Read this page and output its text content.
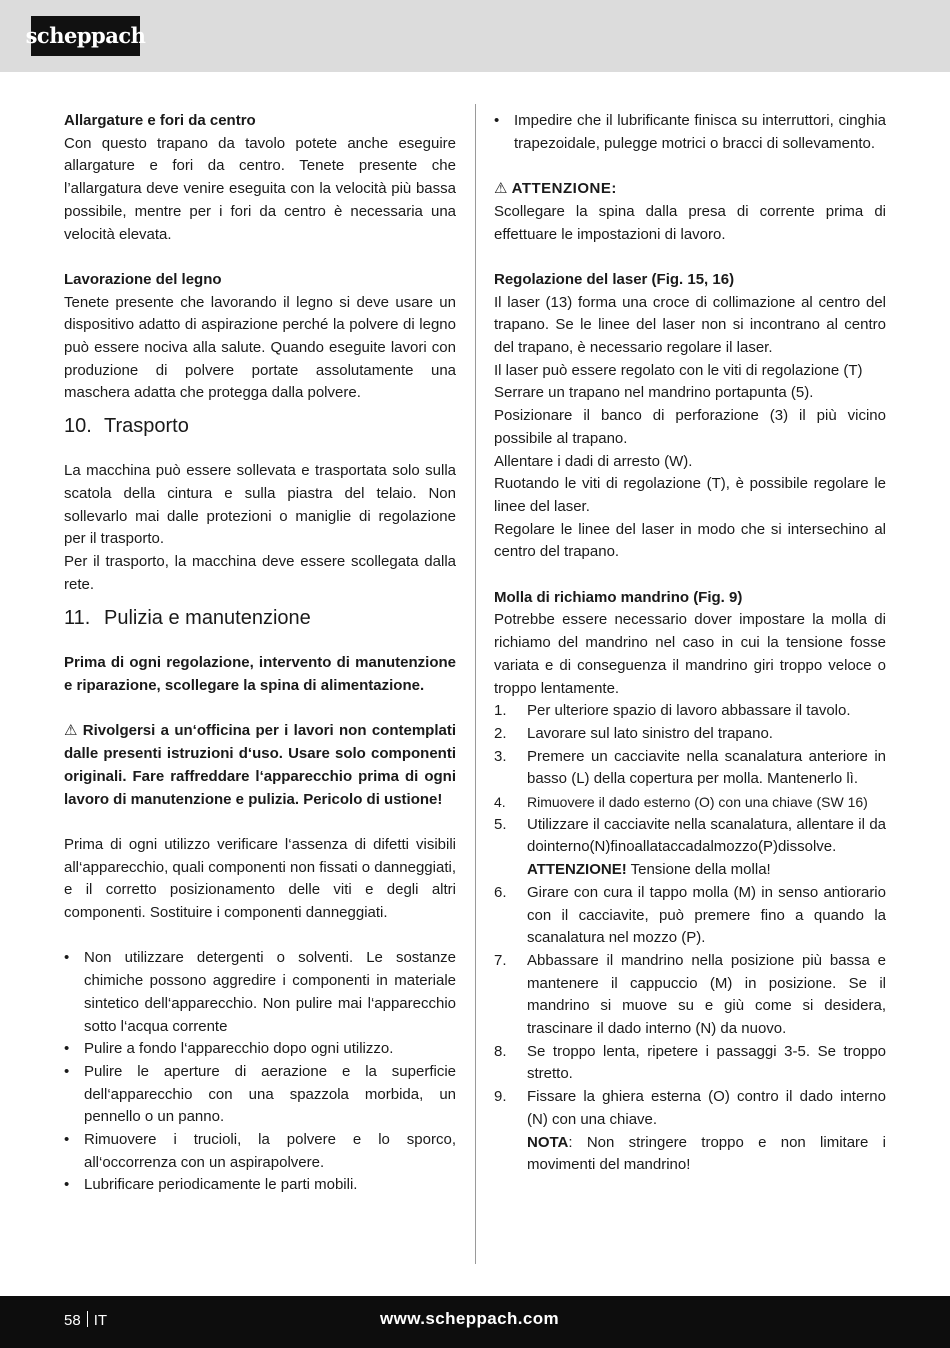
scheppach

Allargature e fori da centro

Con questo trapano da tavolo potete anche eseguire allargature e fori da centro. Tenete presente che l’allargatura deve venire eseguita con la velocità più bassa possibile, mentre per i fori da centro è necessaria una velocità elevata.

Lavorazione del legno

Tenete presente che lavorando il legno si deve usare un dispositivo adatto di aspirazione perché la polvere di legno può essere nociva alla salute. Quando eseguite lavori con produzione di polvere portate assolutamente una maschera adatta che protegga dalla polvere.

10. Trasporto

La macchina può essere sollevata e trasportata solo sulla scatola della cintura e sulla piastra del telaio. Non sollevarlo mai dalle protezioni o maniglie di regolazione per il trasporto.

Per il trasporto, la macchina deve essere scollegata dalla rete.

11. Pulizia e manutenzione

Prima di ogni regolazione, intervento di manutenzione e riparazione, scollegare la spina di alimentazione.

⚠ Rivolgersi a un‘officina per i lavori non contemplati dalle presenti istruzioni d‘uso. Usare solo componenti originali. Fare raffreddare l‘apparecchio prima di ogni lavoro di manutenzione e pulizia. Pericolo di ustione!

Prima di ogni utilizzo verificare l‘assenza di difetti visibili all‘apparecchio, quali componenti non fissati o danneggiati, e il corretto posizionamento delle viti e degli altri componenti. Sostituire i componenti danneggiati.

• Non utilizzare detergenti o solventi. Le sostanze chimiche possono aggredire i componenti in materiale sintetico dell‘apparecchio. Non pulire mai l‘apparecchio sotto l‘acqua corrente
• Pulire a fondo l‘apparecchio dopo ogni utilizzo.
• Pulire le aperture di aerazione e la superficie dell‘apparecchio con una spazzola morbida, un pennello o un panno.
• Rimuovere i trucioli, la polvere e lo sporco, all‘occorrenza con un aspirapolvere.
• Lubrificare periodicamente le parti mobili.
• Impedire che il lubrificante finisca su interruttori, cinghia trapezoidale, pulegge motrici o bracci di sollevamento.

⚠ ATTENZIONE:

Scollegare la spina dalla presa di corrente prima di effettuare le impostazioni di lavoro.

Regolazione del laser (Fig. 15, 16)

Il laser (13) forma una croce di collimazione al centro del trapano. Se le linee del laser non si incontrano al centro del trapano, è necessario regolare il laser.

Il laser può essere regolato con le viti di regolazione (T)

Serrare un trapano nel mandrino portapunta (5).

Posizionare il banco di perforazione (3) il più vicino possibile al trapano.

Allentare i dadi di arresto (W).

Ruotando le viti di regolazione (T), è possibile regolare le linee del laser.

Regolare le linee del laser in modo che si intersechino al centro del trapano.

Molla di richiamo mandrino (Fig. 9)

Potrebbe essere necessario dover impostare la molla di richiamo del mandrino nel caso in cui la tensione fosse variata e di conseguenza il mandrino giri troppo veloce o troppo lentamente.

1. Per ulteriore spazio di lavoro abbassare il tavolo.
2. Lavorare sul lato sinistro del trapano.
3. Premere un cacciavite nella scanalatura anteriore in basso (L) della copertura per molla. Mantenerlo lì.
4. Rimuovere il dado esterno (O) con una chiave (SW 16)
5. Utilizzare il cacciavite nella scanalatura, allentare il dadointerno(N)finoallataccadalmozzo(P)dissolve.
ATTENZIONE! Tensione della molla!
6. Girare con cura il tappo molla (M) in senso antiorario con il cacciavite, può premere fino a quando la scanalatura nel mozzo (P).
7. Abbassare il mandrino nella posizione più bassa e mantenere il cappuccio (M) in posizione. Se il mandrino si muove su e giù come si desidera, trascinare il dado interno (N) da nuovo.
8. Se troppo lenta, ripetere i passaggi 3-5. Se troppo stretto.
9. Fissare la ghiera esterna (O) contro il dado interno (N) con una chiave.
NOTA: Non stringere troppo e non limitare i movimenti del mandrino!
58 IT	www.scheppach.com
